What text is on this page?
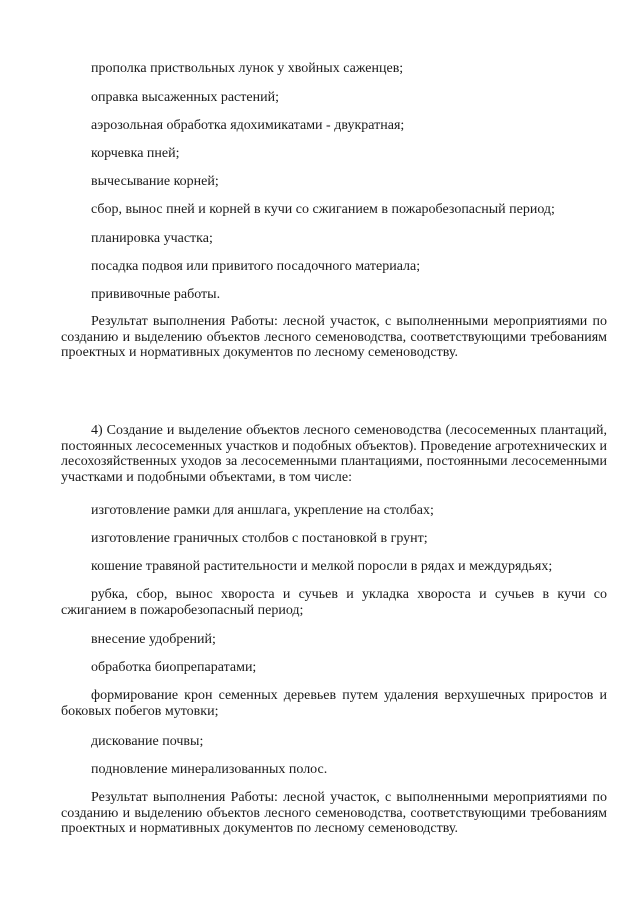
прополка приствольных лунок у хвойных саженцев;
оправка высаженных растений;
аэрозольная обработка ядохимикатами - двукратная;
корчевка пней;
вычесывание корней;
сбор, вынос пней и корней в кучи со сжиганием в пожаробезопасный период;
планировка участка;
посадка подвоя или привитого посадочного материала;
прививочные работы.
Результат выполнения Работы: лесной участок, с выполненными мероприятиями по созданию и выделению объектов лесного семеноводства, соответствующими требованиям проектных и нормативных документов по лесному семеноводству.
4) Создание и выделение объектов лесного семеноводства (лесосеменных плантаций, постоянных лесосеменных участков и подобных объектов). Проведение агротехнических и лесохозяйственных уходов за лесосеменными плантациями, постоянными лесосеменными участками и подобными объектами, в том числе:
изготовление рамки для аншлага, укрепление на столбах;
изготовление граничных столбов с постановкой в грунт;
кошение травяной растительности и мелкой поросли в рядах и междурядьях;
рубка, сбор, вынос хвороста и сучьев и укладка хвороста и сучьев в кучи со сжиганием в пожаробезопасный период;
внесение удобрений;
обработка биопрепаратами;
формирование крон семенных деревьев путем удаления верхушечных приростов и боковых побегов мутовки;
дискование почвы;
подновление минерализованных полос.
Результат выполнения Работы: лесной участок, с выполненными мероприятиями по созданию и выделению объектов лесного семеноводства, соответствующими требованиям проектных и нормативных документов по лесному семеноводству.
